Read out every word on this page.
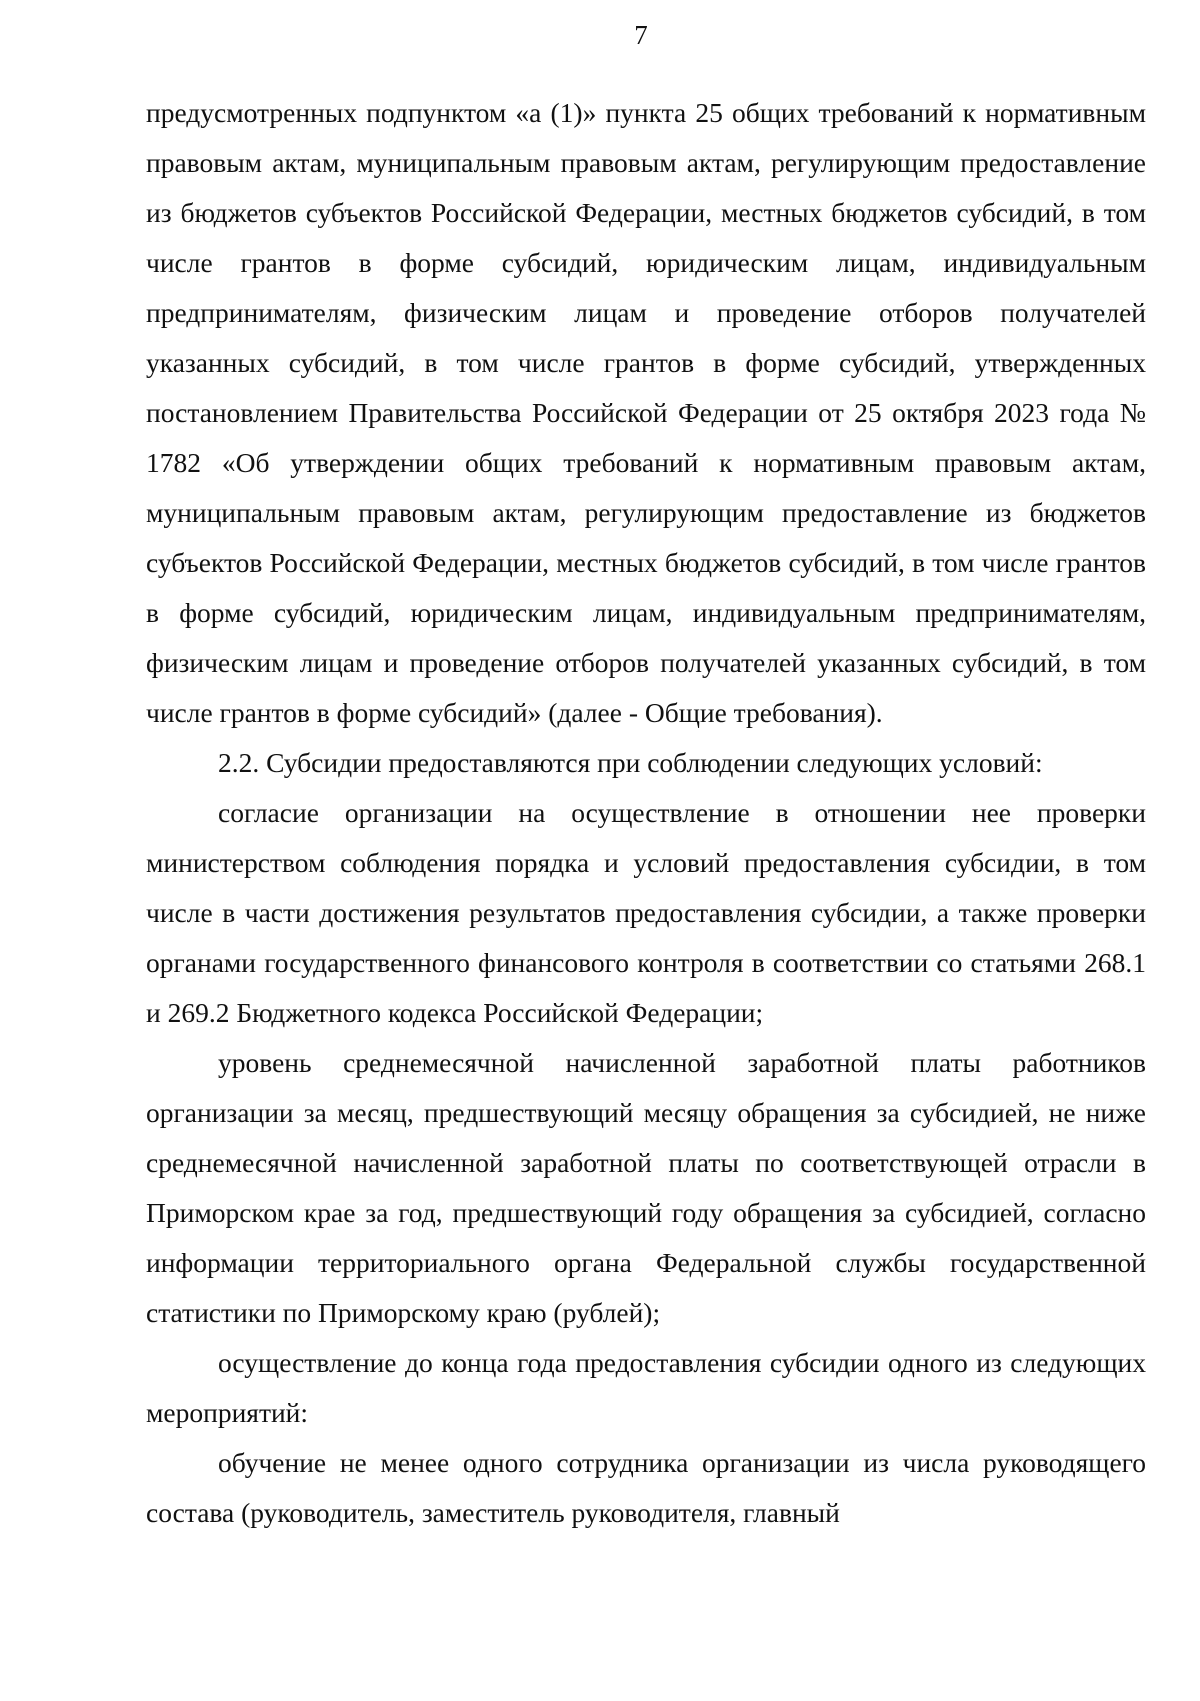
7

предусмотренных подпунктом «а (1)» пункта 25 общих требований к нормативным правовым актам, муниципальным правовым актам, регулирующим предоставление из бюджетов субъектов Российской Федерации, местных бюджетов субсидий, в том числе грантов в форме субсидий, юридическим лицам, индивидуальным предпринимателям, физическим лицам и проведение отборов получателей указанных субсидий, в том числе грантов в форме субсидий, утвержденных постановлением Правительства Российской Федерации от 25 октября 2023 года № 1782 «Об утверждении общих требований к нормативным правовым актам, муниципальным правовым актам, регулирующим предоставление из бюджетов субъектов Российской Федерации, местных бюджетов субсидий, в том числе грантов в форме субсидий, юридическим лицам, индивидуальным предпринимателям, физическим лицам и проведение отборов получателей указанных субсидий, в том числе грантов в форме субсидий» (далее - Общие требования).

2.2. Субсидии предоставляются при соблюдении следующих условий:

согласие организации на осуществление в отношении нее проверки министерством соблюдения порядка и условий предоставления субсидии, в том числе в части достижения результатов предоставления субсидии, а также проверки органами государственного финансового контроля в соответствии со статьями 268.1 и 269.2 Бюджетного кодекса Российской Федерации;

уровень среднемесячной начисленной заработной платы работников организации за месяц, предшествующий месяцу обращения за субсидией, не ниже среднемесячной начисленной заработной платы по соответствующей отрасли в Приморском крае за год, предшествующий году обращения за субсидией, согласно информации территориального органа Федеральной службы государственной статистики по Приморскому краю (рублей);

осуществление до конца года предоставления субсидии одного из следующих мероприятий:

обучение не менее одного сотрудника организации из числа руководящего состава (руководитель, заместитель руководителя, главный
